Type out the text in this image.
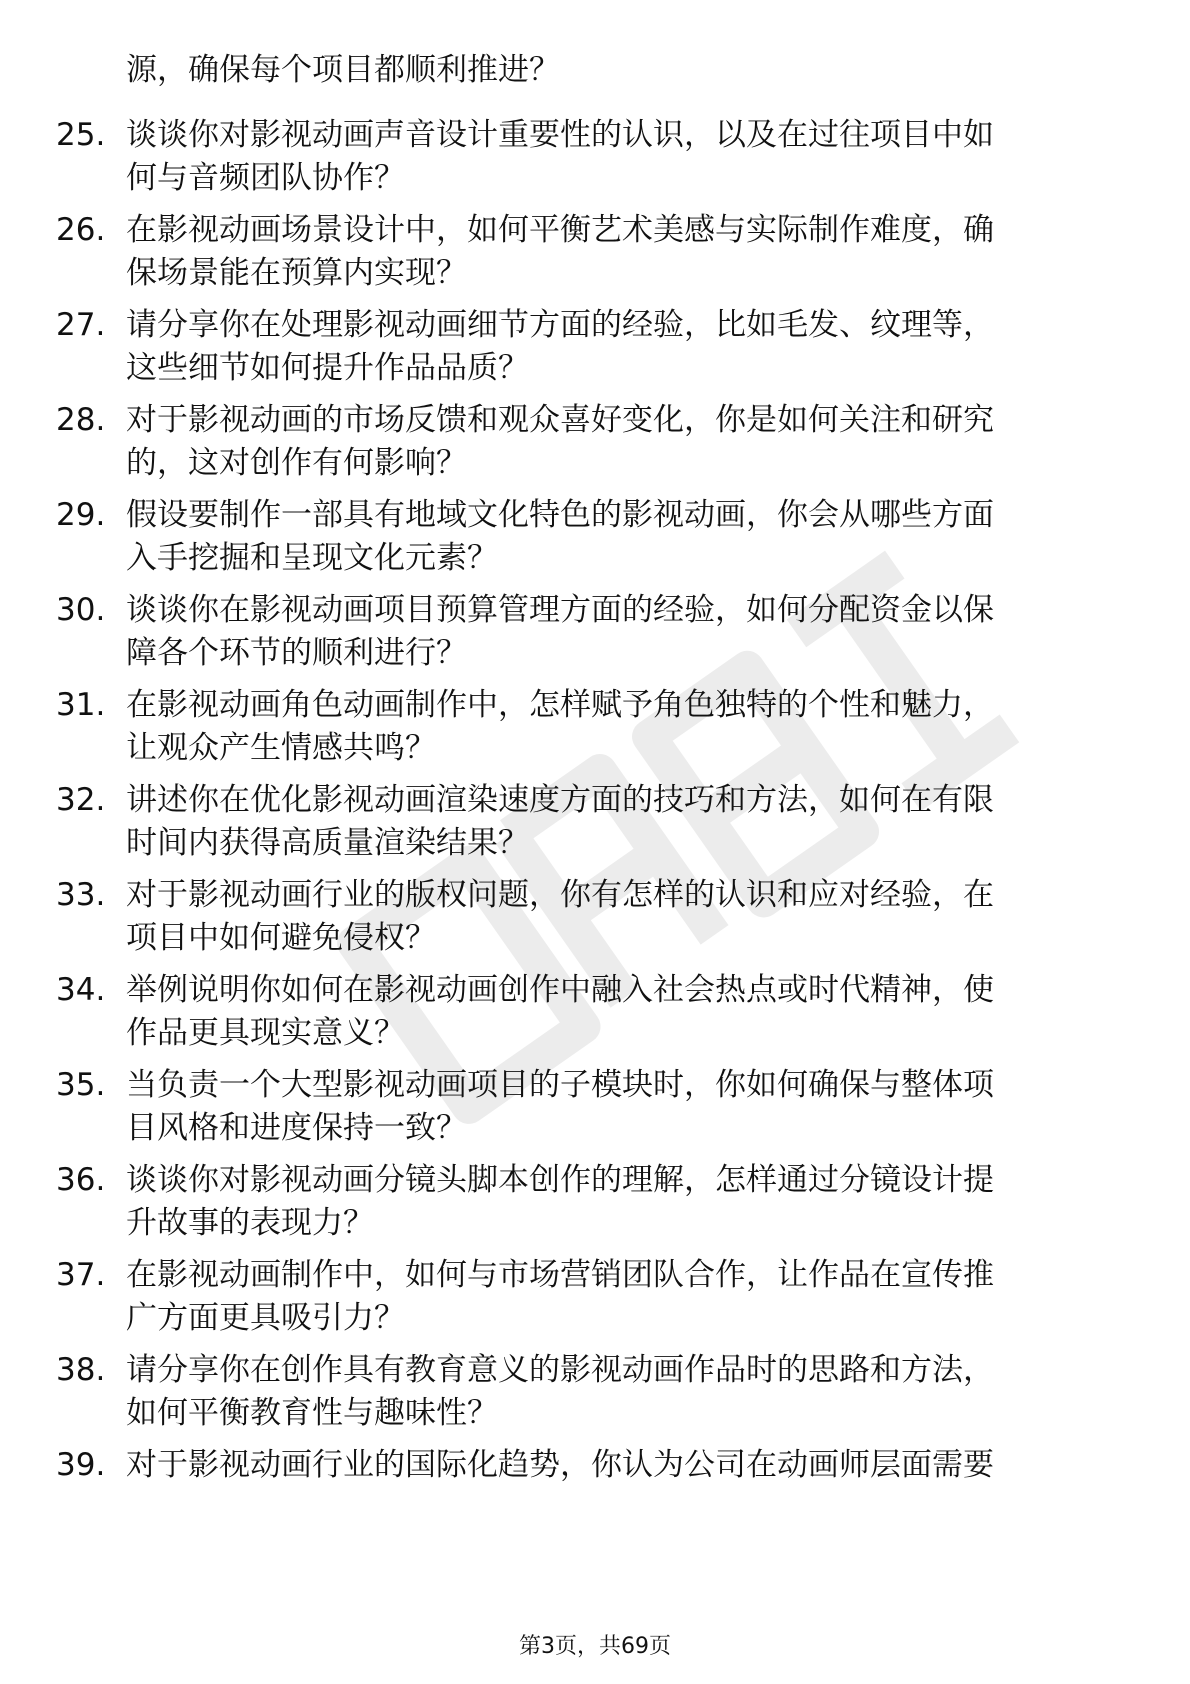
源，确保每个项目都顺利推进？
25. 谈谈你对影视动画声音设计重要性的认识，以及在过往项目中如
何与音频团队协作？
26. 在影视动画场景设计中，如何平衡艺术美感与实际制作难度，确
保场景能在预算内实现？
27. 请分享你在处理影视动画细节方面的经验，比如毛发、纹理等，
这些细节如何提升作品品质？
28. 对于影视动画的市场反馈和观众喜好变化，你是如何关注和研究
的，这对创作有何影响？
29. 假设要制作一部具有地域文化特色的影视动画，你会从哪些方面
入手挖掘和呈现文化元素？
30. 谈谈你在影视动画项目预算管理方面的经验，如何分配资金以保
障各个环节的顺利进行？
31. 在影视动画角色动画制作中，怎样赋予角色独特的个性和魅力，
让观众产生情感共鸣？
32. 讲述你在优化影视动画渲染速度方面的技巧和方法，如何在有限
时间内获得高质量渲染结果？
33. 对于影视动画行业的版权问题，你有怎样的认识和应对经验，在
项目中如何避免侵权？
34. 举例说明你如何在影视动画创作中融入社会热点或时代精神，使
作品更具现实意义？
35. 当负责一个大型影视动画项目的子模块时，你如何确保与整体项
目风格和进度保持一致？
36. 谈谈你对影视动画分镜头脚本创作的理解，怎样通过分镜设计提
升故事的表现力？
37. 在影视动画制作中，如何与市场营销团队合作，让作品在宣传推
广方面更具吸引力？
38. 请分享你在创作具有教育意义的影视动画作品时的思路和方法，
如何平衡教育性与趣味性？
39. 对于影视动画行业的国际化趋势，你认为公司在动画师层面需要
第3页，共69页
